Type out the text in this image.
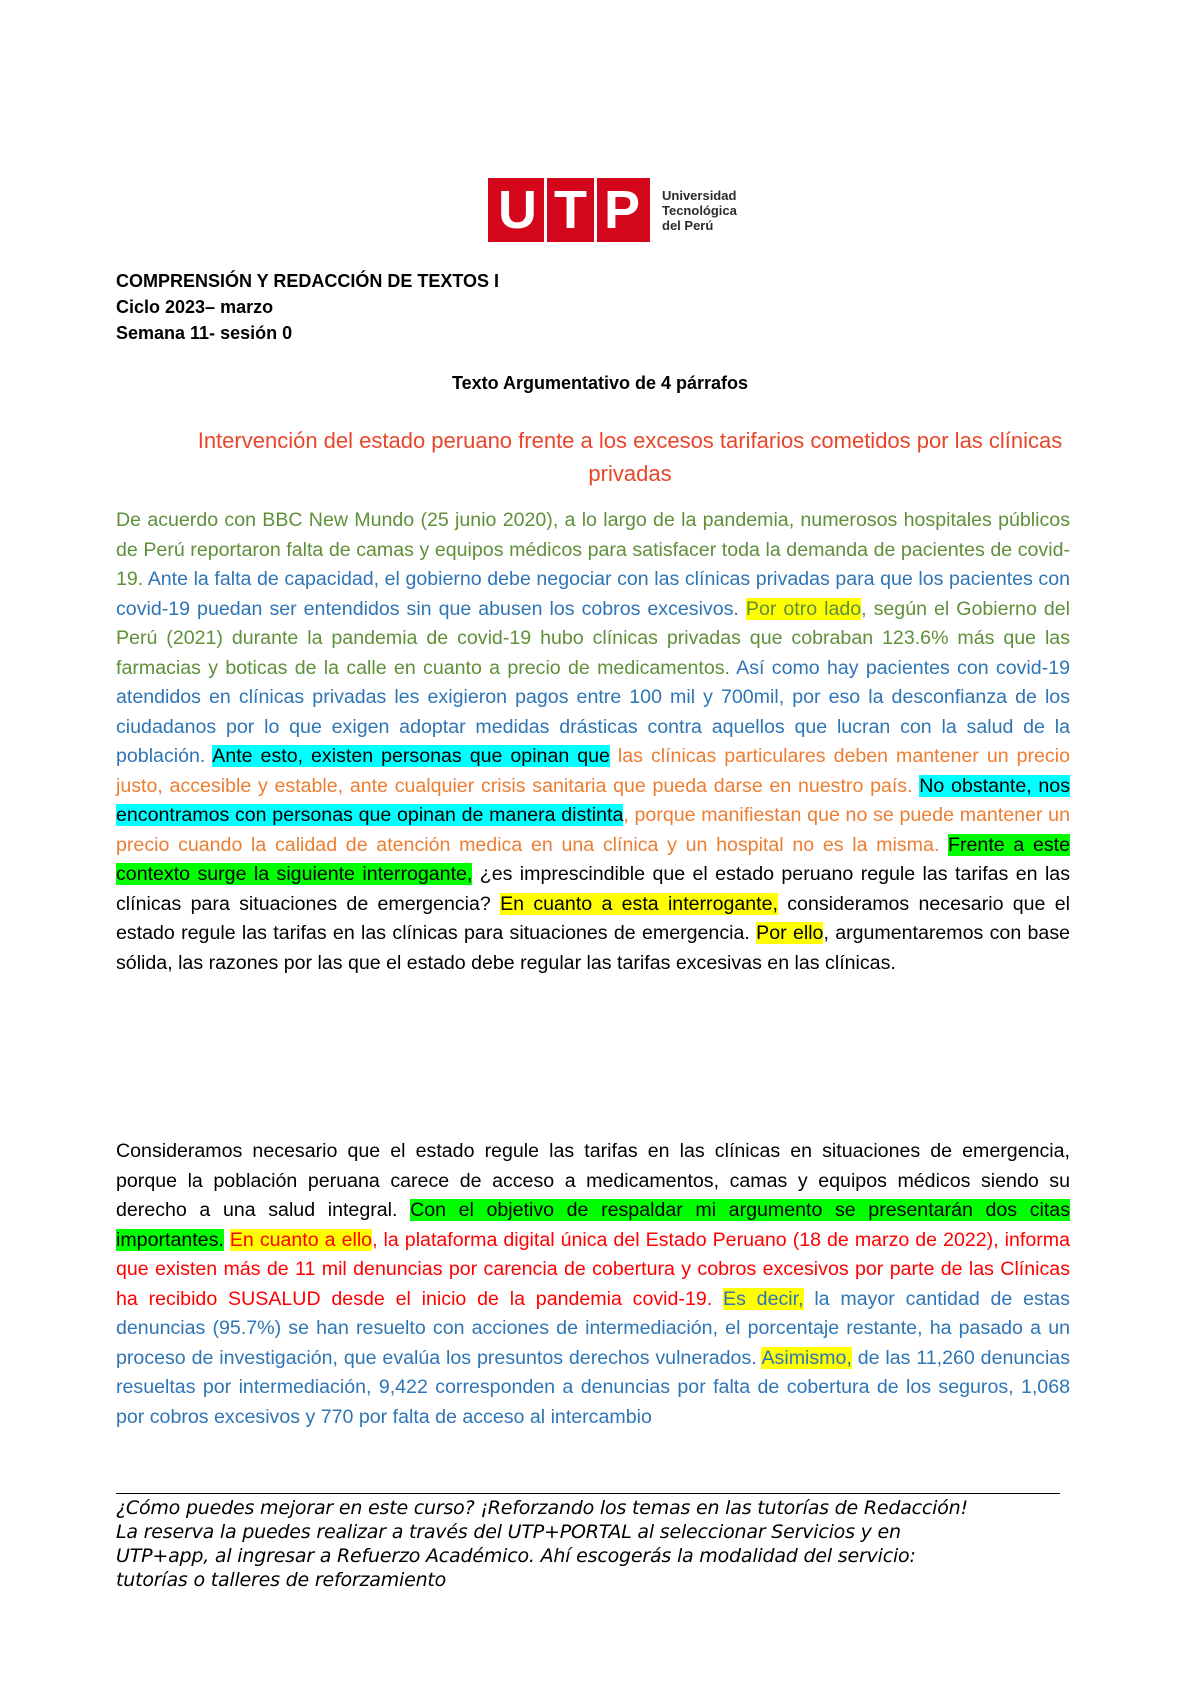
U T P Universidad
Tecnológica
del Perú
COMPRENSIÓN Y REDACCIÓN DE TEXTOS I
Ciclo 2023– marzo
Semana 11- sesión 0
Texto Argumentativo de 4 párrafos
Intervención del estado peruano frente a los excesos tarifarios cometidos por las clínicas privadas

De acuerdo con BBC New Mundo (25 junio 2020), a lo largo de la pandemia, numerosos hospitales públicos de Perú reportaron falta de camas y equipos médicos para satisfacer toda la demanda de pacientes de covid-19. Ante la falta de capacidad, el gobierno debe negociar con las clínicas privadas para que los pacientes con covid-19 puedan ser entendidos sin que abusen los cobros excesivos. Por otro lado, según el Gobierno del Perú (2021) durante la pandemia de covid-19 hubo clínicas privadas que cobraban 123.6% más que las farmacias y boticas de la calle en cuanto a precio de medicamentos. Así como hay pacientes con covid-19 atendidos en clínicas privadas les exigieron pagos entre 100 mil y 700mil, por eso la desconfianza de los ciudadanos por lo que exigen adoptar medidas drásticas contra aquellos que lucran con la salud de la población. Ante esto, existen personas que opinan que las clínicas particulares deben mantener un precio justo, accesible y estable, ante cualquier crisis sanitaria que pueda darse en nuestro país. No obstante, nos encontramos con personas que opinan de manera distinta, porque manifiestan que no se puede mantener un precio cuando la calidad de atención medica en una clínica y un hospital no es la misma. Frente a este contexto surge la siguiente interrogante, ¿es imprescindible que el estado peruano regule las tarifas en las clínicas para situaciones de emergencia? En cuanto a esta interrogante, consideramos necesario que el estado regule las tarifas en las clínicas para situaciones de emergencia. Por ello, argumentaremos con base sólida, las razones por las que el estado debe regular las tarifas excesivas en las clínicas.

Consideramos necesario que el estado regule las tarifas en las clínicas en situaciones de emergencia, porque la población peruana carece de acceso a medicamentos, camas y equipos médicos siendo su derecho a una salud integral. Con el objetivo de respaldar mi argumento se presentarán dos citas importantes. En cuanto a ello, la plataforma digital única del Estado Peruano (18 de marzo de 2022), informa que existen más de 11 mil denuncias por carencia de cobertura y cobros excesivos por parte de las Clínicas ha recibido SUSALUD desde el inicio de la pandemia covid-19. Es decir, la mayor cantidad de estas denuncias (95.7%) se han resuelto con acciones de intermediación, el porcentaje restante, ha pasado a un proceso de investigación, que evalúa los presuntos derechos vulnerados. Asimismo, de las 11,260 denuncias resueltas por intermediación, 9,422 corresponden a denuncias por falta de cobertura de los seguros, 1,068 por cobros excesivos y 770 por falta de acceso al intercambio

¿Cómo puedes mejorar en este curso? ¡Reforzando los temas en las tutorías de Redacción!
La reserva la puedes realizar a través del UTP+PORTAL al seleccionar Servicios y en
UTP+app, al ingresar a Refuerzo Académico. Ahí escogerás la modalidad del servicio:
tutorías o talleres de reforzamiento
